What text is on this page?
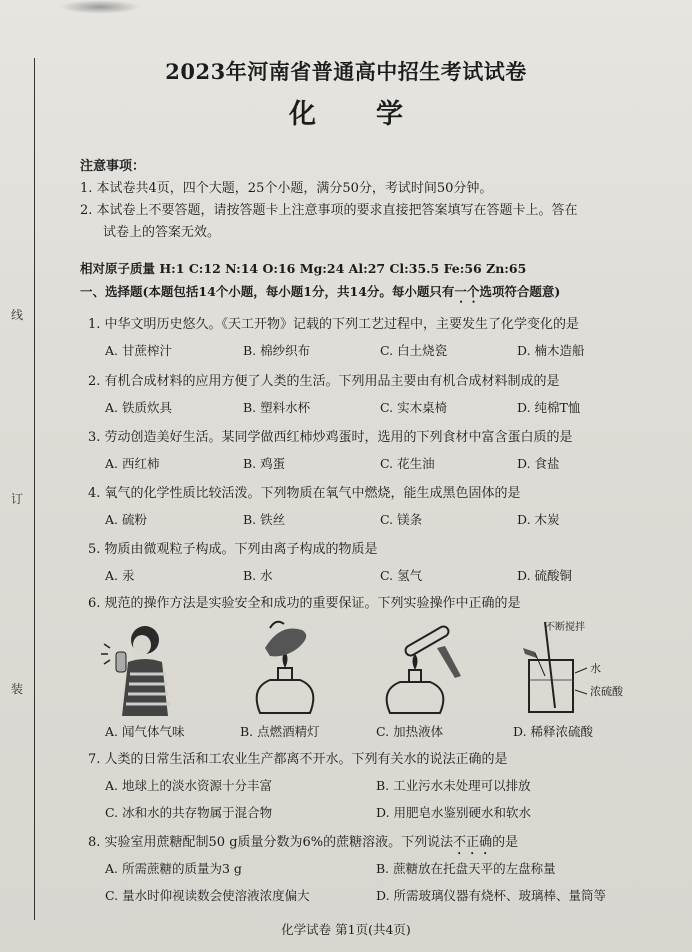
线
订
装
2023年河南省普通高中招生考试试卷
化学
注意事项：
1. 本试卷共4页，四个大题，25个小题，满分50分，考试时间50分钟。
2. 本试卷上不要答题，请按答题卡上注意事项的要求直接把答案填写在答题卡上。答在
试卷上的答案无效。
相对原子质量 H:1 C:12 N:14 O:16 Mg:24 Al:27 Cl:35.5 Fe:56 Zn:65
一、选择题(本题包括14个小题，每小题1分，共14分。每小题只有一个选项符合题意)
1. 中华文明历史悠久。《天工开物》记载的下列工艺过程中，主要发生了化学变化的是
A. 甘蔗榨汁	B. 棉纱织布	C. 白土烧瓷	D. 楠木造船
2. 有机合成材料的应用方便了人类的生活。下列用品主要由有机合成材料制成的是
A. 铁质炊具	B. 塑料水杯	C. 实木桌椅	D. 纯棉T恤
3. 劳动创造美好生活。某同学做西红柿炒鸡蛋时，选用的下列食材中富含蛋白质的是
A. 西红柿	B. 鸡蛋	C. 花生油	D. 食盐
4. 氧气的化学性质比较活泼。下列物质在氧气中燃烧，能生成黑色固体的是
A. 硫粉	B. 铁丝	C. 镁条	D. 木炭
5. 物质由微观粒子构成。下列由离子构成的物质是
A. 汞	B. 水	C. 氢气	D. 硫酸铜
6. 规范的操作方法是实验安全和成功的重要保证。下列实验操作中正确的是
不断搅拌
水
浓硫酸
A. 闻气体气味	B. 点燃酒精灯	C. 加热液体	D. 稀释浓硫酸
7. 人类的日常生活和工农业生产都离不开水。下列有关水的说法正确的是
A. 地球上的淡水资源十分丰富	B. 工业污水未处理可以排放
C. 冰和水的共存物属于混合物	D. 用肥皂水鉴别硬水和软水
8. 实验室用蔗糖配制50 g质量分数为6%的蔗糖溶液。下列说法不正确的是
A. 所需蔗糖的质量为3 g	B. 蔗糖放在托盘天平的左盘称量
C. 量水时仰视读数会使溶液浓度偏大	D. 所需玻璃仪器有烧杯、玻璃棒、量筒等
化学试卷 第1页(共4页)
